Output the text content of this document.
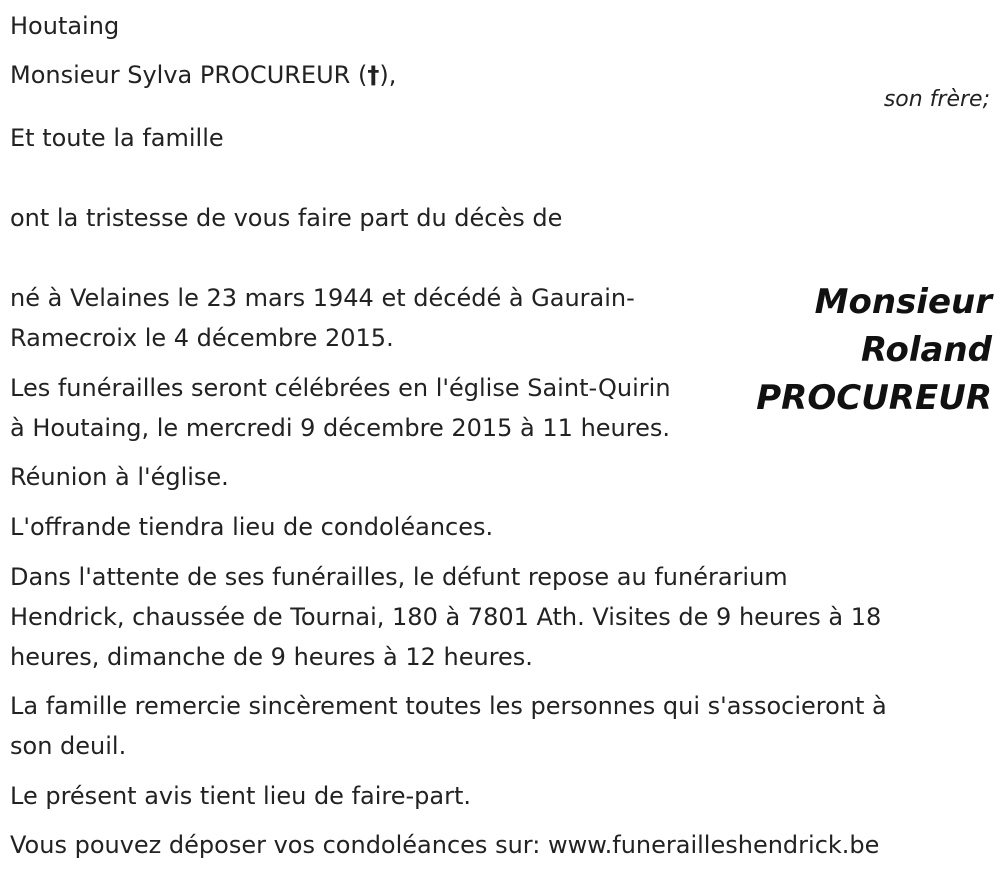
Houtaing

Monsieur Sylva PROCUREUR (†),

son frère;

Et toute la famille

ont la tristesse de vous faire part du décès de

Monsieur
Roland
PROCUREUR
né à Velaines le 23 mars 1944 et décédé à Gaurain-
Ramecroix le 4 décembre 2015.
Les funérailles seront célébrées en l'église Saint-Quirin
à Houtaing, le mercredi 9 décembre 2015 à 11 heures.

Réunion à l'église.

L'offrande tiendra lieu de condoléances.

Dans l'attente de ses funérailles, le défunt repose au funérarium
Hendrick, chaussée de Tournai, 180 à 7801 Ath. Visites de 9 heures à 18
heures, dimanche de 9 heures à 12 heures.
La famille remercie sincèrement toutes les personnes qui s'associeront à
son deuil.

Le présent avis tient lieu de faire-part.

Vous pouvez déposer vos condoléances sur: www.funerailleshendrick.be
